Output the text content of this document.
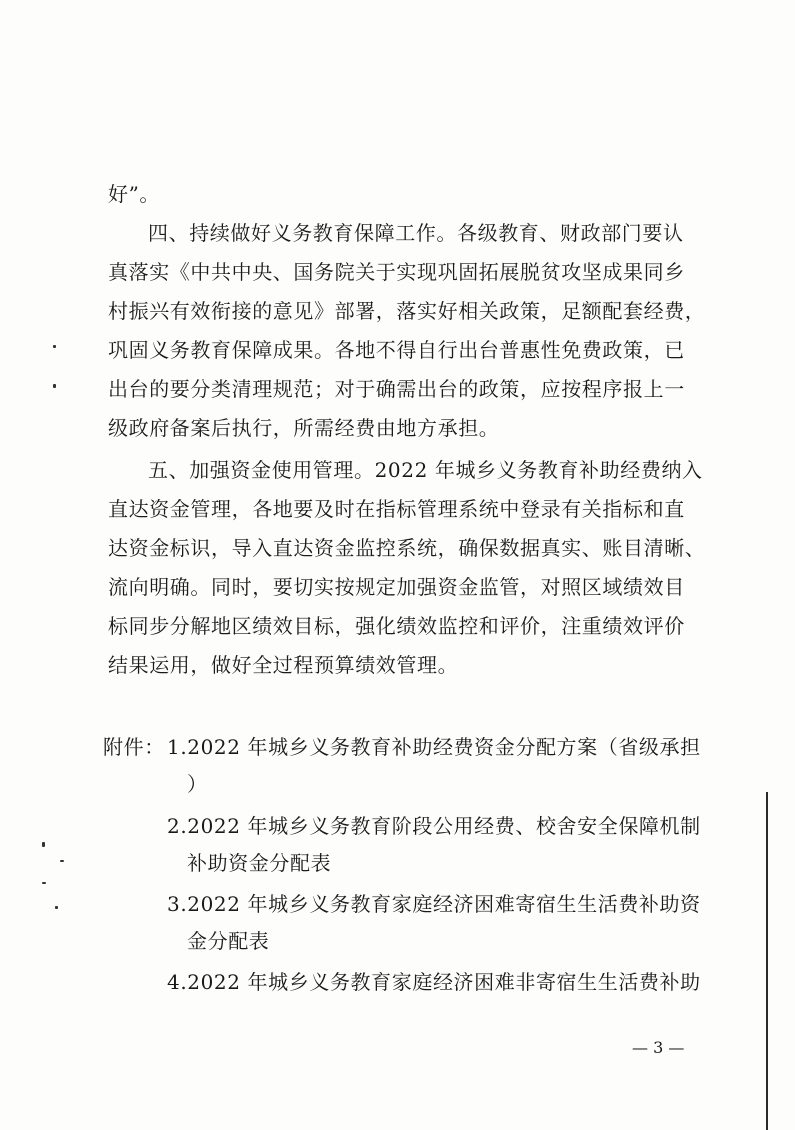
好”。
四、持续做好义务教育保障工作。各级教育、财政部门要认
真落实《中共中央、国务院关于实现巩固拓展脱贫攻坚成果同乡
村振兴有效衔接的意见》部署，落实好相关政策，足额配套经费，
巩固义务教育保障成果。各地不得自行出台普惠性免费政策，已
出台的要分类清理规范；对于确需出台的政策，应按程序报上一
级政府备案后执行，所需经费由地方承担。
五、加强资金使用管理。2022 年城乡义务教育补助经费纳入
直达资金管理，各地要及时在指标管理系统中登录有关指标和直
达资金标识，导入直达资金监控系统，确保数据真实、账目清晰、
流向明确。同时，要切实按规定加强资金监管，对照区域绩效目
标同步分解地区绩效目标，强化绩效监控和评价，注重绩效评价
结果运用，做好全过程预算绩效管理。
附件： 1.2022 年城乡义务教育补助经费资金分配方案（省级承担
）
2.2022 年城乡义务教育阶段公用经费、校舍安全保障机制
补助资金分配表
3.2022 年城乡义务教育家庭经济困难寄宿生生活费补助资
金分配表
4.2022 年城乡义务教育家庭经济困难非寄宿生生活费补助
— 3 —
